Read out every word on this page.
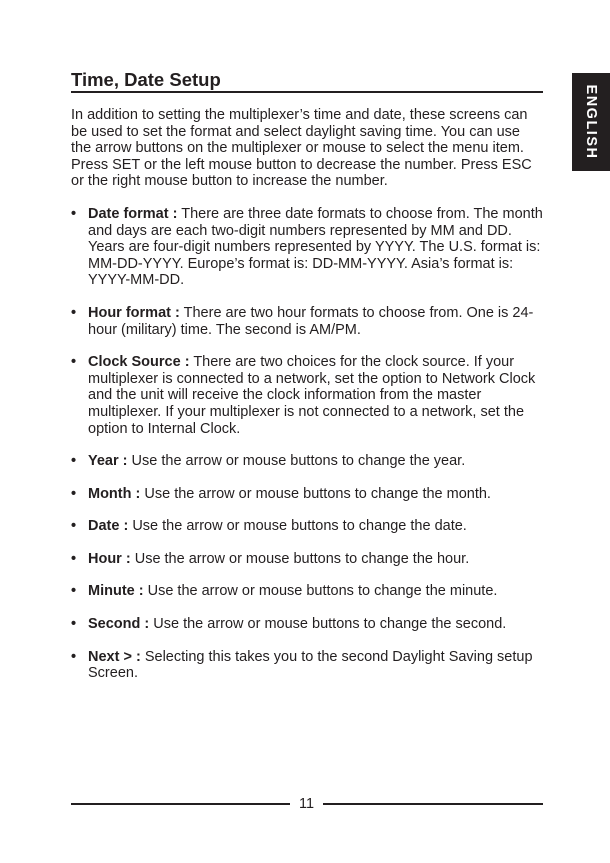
Time, Date Setup
ENGLISH

In addition to setting the multiplexer’s time and date, these screens can be used to set the format and select daylight saving time. You can use the arrow buttons on the multiplexer or mouse to select the menu item. Press SET or the left mouse button to decrease the number. Press ESC or the right mouse button to increase the number.

• Date format : There are three date formats to choose from. The month and days are each two-digit numbers represented by MM and DD. Years are four-digit numbers represented by YYYY. The U.S. format is: MM-DD-YYYY. Europe’s format is: DD-MM-YYYY. Asia’s format is: YYYY-MM-DD.
• Hour format : There are two hour formats to choose from. One is 24-hour (military) time. The second is AM/PM.
• Clock Source : There are two choices for the clock source. If your multiplexer is connected to a network, set the option to Network Clock and the unit will receive the clock information from the master multiplexer. If your multiplexer is not connected to a network, set the option to Internal Clock.
• Year : Use the arrow or mouse buttons to change the year.
• Month : Use the arrow or mouse buttons to change the month.
• Date : Use the arrow or mouse buttons to change the date.
• Hour : Use the arrow or mouse buttons to change the hour.
• Minute : Use the arrow or mouse buttons to change the minute.
• Second : Use the arrow or mouse buttons to change the second.
• Next > : Selecting this takes you to the second Daylight Saving setup Screen.
11
